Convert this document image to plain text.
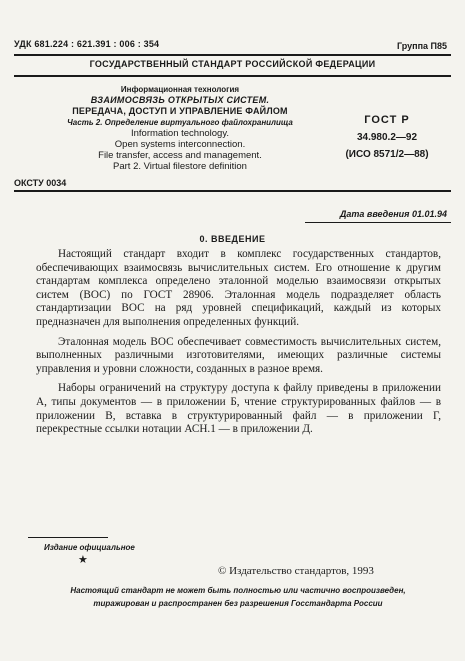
УДК 681.224 : 621.391 : 006 : 354	Группа П85
ГОСУДАРСТВЕННЫЙ СТАНДАРТ РОССИЙСКОЙ ФЕДЕРАЦИИ
Информационная технология
ВЗАИМОСВЯЗЬ ОТКРЫТЫХ СИСТЕМ.
ПЕРЕДАЧА, ДОСТУП И УПРАВЛЕНИЕ ФАЙЛОМ
Часть 2. Определение виртуального файлохранилища
Information technology.
Open systems interconnection.
File transfer, access and management.
Part 2. Virtual filestore definition
ГОСТ Р
34.980.2—92
(ИСО 8571/2—88)
ОКСТУ 0034
Дата введения 01.01.94
0. ВВЕДЕНИЕ

Настоящий стандарт входит в комплекс государственных стандартов, обеспечивающих взаимосвязь вычислительных систем. Его отношение к другим стандартам комплекса определено эталонной моделью взаимосвязи открытых систем (ВОС) по ГОСТ 28906. Эталонная модель подразделяет область стандартизации ВОС на ряд уровней спецификаций, каждый из которых предназначен для выполнения определенных функций.

Эталонная модель ВОС обеспечивает совместимость вычислительных систем, выполненных различными изготовителями, имеющих различные системы управления и уровни сложности, созданных в разное время.

Наборы ограничений на структуру доступа к файлу приведены в приложении А, типы документов — в приложении Б, чтение структурированных файлов — в приложении В, вставка в структурированный файл — в приложении Г, перекрестные ссылки нотации АСН.1 — в приложении Д.

Издание официальное
★
© Издательство стандартов, 1993
Настоящий стандарт не может быть полностью или частично воспроизведен,
тиражирован и распространен без разрешения Госстандарта России
